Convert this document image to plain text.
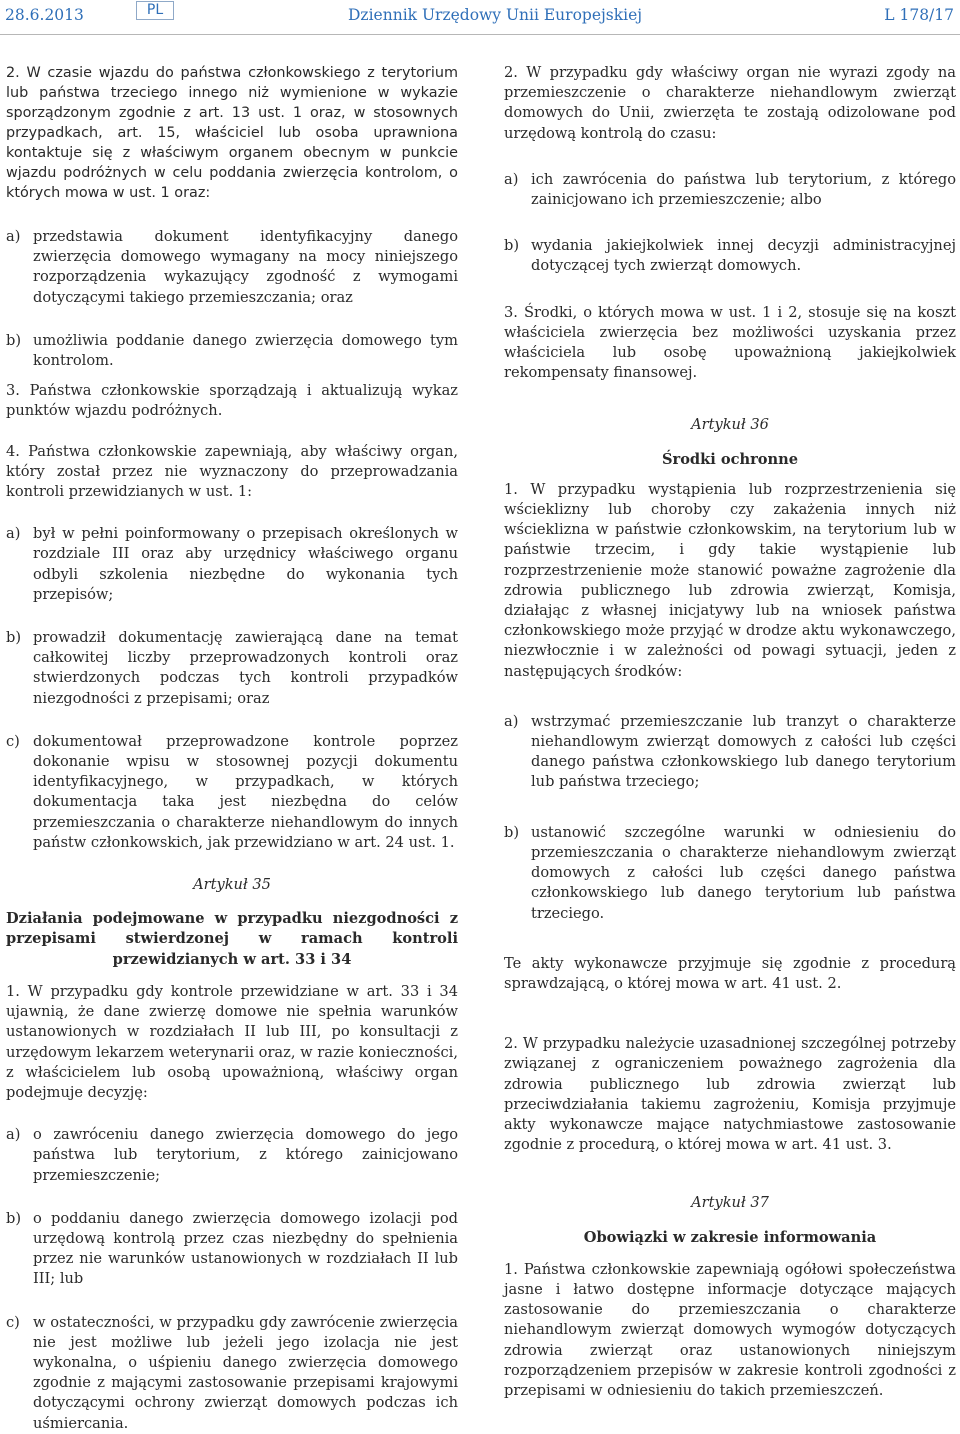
28.6.2013	PL	Dziennik Urzędowy Unii Europejskiej	L 178/17

2. W czasie wjazdu do państwa członkowskiego z terytorium lub państwa trzeciego innego niż wymienione w wykazie sporządzonym zgodnie z art. 13 ust. 1 oraz, w stosownych przypadkach, art. 15, właściciel lub osoba uprawniona kontaktuje się z właściwym organem obecnym w punkcie wjazdu podróżnych w celu poddania zwierzęcia kontrolom, o których mowa w ust. 1 oraz:

a) przedstawia dokument identyfikacyjny danego zwierzęcia domowego wymagany na mocy niniejszego rozporządzenia wykazujący zgodność z wymogami dotyczącymi takiego przemieszczania; oraz
b) umożliwia poddanie danego zwierzęcia domowego tym kontrolom.

3. Państwa członkowskie sporządzają i aktualizują wykaz punktów wjazdu podróżnych.

4. Państwa członkowskie zapewniają, aby właściwy organ, który został przez nie wyznaczony do przeprowadzania kontroli przewidzianych w ust. 1:

a) był w pełni poinformowany o przepisach określonych w rozdziale III oraz aby urzędnicy właściwego organu odbyli szkolenia niezbędne do wykonania tych przepisów;
b) prowadził dokumentację zawierającą dane na temat całkowitej liczby przeprowadzonych kontroli oraz stwierdzonych podczas tych kontroli przypadków niezgodności z przepisami; oraz
c) dokumentował przeprowadzone kontrole poprzez dokonanie wpisu w stosownej pozycji dokumentu identyfikacyjnego, w przypadkach, w których dokumentacja taka jest niezbędna do celów przemieszczania o charakterze niehandlowym do innych państw członkowskich, jak przewidziano w art. 24 ust. 1.

Artykuł 35

Działania podejmowane w przypadku niezgodności z przepisami stwierdzonej w ramach kontroli przewidzianych w art. 33 i 34

1. W przypadku gdy kontrole przewidziane w art. 33 i 34 ujawnią, że dane zwierzę domowe nie spełnia warunków ustanowionych w rozdziałach II lub III, po konsultacji z urzędowym lekarzem weterynarii oraz, w razie konieczności, z właścicielem lub osobą upoważnioną, właściwy organ podejmuje decyzję:

a) o zawróceniu danego zwierzęcia domowego do jego państwa lub terytorium, z którego zainicjowano przemieszczenie;
b) o poddaniu danego zwierzęcia domowego izolacji pod urzędową kontrolą przez czas niezbędny do spełnienia przez nie warunków ustanowionych w rozdziałach II lub III; lub
c) w ostateczności, w przypadku gdy zawrócenie zwierzęcia nie jest możliwe lub jeżeli jego izolacja nie jest wykonalna, o uśpieniu danego zwierzęcia domowego zgodnie z mającymi zastosowanie przepisami krajowymi dotyczącymi ochrony zwierząt domowych podczas ich uśmiercania.

2. W przypadku gdy właściwy organ nie wyrazi zgody na przemieszczenie o charakterze niehandlowym zwierząt domowych do Unii, zwierzęta te zostają odizolowane pod urzędową kontrolą do czasu:

a) ich zawrócenia do państwa lub terytorium, z którego zainicjowano ich przemieszczenie; albo
b) wydania jakiejkolwiek innej decyzji administracyjnej dotyczącej tych zwierząt domowych.

3. Środki, o których mowa w ust. 1 i 2, stosuje się na koszt właściciela zwierzęcia bez możliwości uzyskania przez właściciela lub osobę upoważnioną jakiejkolwiek rekompensaty finansowej.

Artykuł 36

Środki ochronne

1. W przypadku wystąpienia lub rozprzestrzenienia się wścieklizny lub choroby czy zakażenia innych niż wścieklizna w państwie członkowskim, na terytorium lub w państwie trzecim, i gdy takie wystąpienie lub rozprzestrzenienie może stanowić poważne zagrożenie dla zdrowia publicznego lub zdrowia zwierząt, Komisja, działając z własnej inicjatywy lub na wniosek państwa członkowskiego może przyjąć w drodze aktu wykonawczego, niezwłocznie i w zależności od powagi sytuacji, jeden z następujących środków:

a) wstrzymać przemieszczanie lub tranzyt o charakterze niehandlowym zwierząt domowych z całości lub części danego państwa członkowskiego lub danego terytorium lub państwa trzeciego;
b) ustanowić szczególne warunki w odniesieniu do przemieszczania o charakterze niehandlowym zwierząt domowych z całości lub części danego państwa członkowskiego lub danego terytorium lub państwa trzeciego.

Te akty wykonawcze przyjmuje się zgodnie z procedurą sprawdzającą, o której mowa w art. 41 ust. 2.

2. W przypadku należycie uzasadnionej szczególnej potrzeby związanej z ograniczeniem poważnego zagrożenia dla zdrowia publicznego lub zdrowia zwierząt lub przeciwdziałania takiemu zagrożeniu, Komisja przyjmuje akty wykonawcze mające natychmiastowe zastosowanie zgodnie z procedurą, o której mowa w art. 41 ust. 3.

Artykuł 37

Obowiązki w zakresie informowania

1. Państwa członkowskie zapewniają ogółowi społeczeństwa jasne i łatwo dostępne informacje dotyczące mających zastosowanie do przemieszczania o charakterze niehandlowym zwierząt domowych wymogów dotyczących zdrowia zwierząt oraz ustanowionych niniejszym rozporządzeniem przepisów w zakresie kontroli zgodności z przepisami w odniesieniu do takich przemieszczeń.
